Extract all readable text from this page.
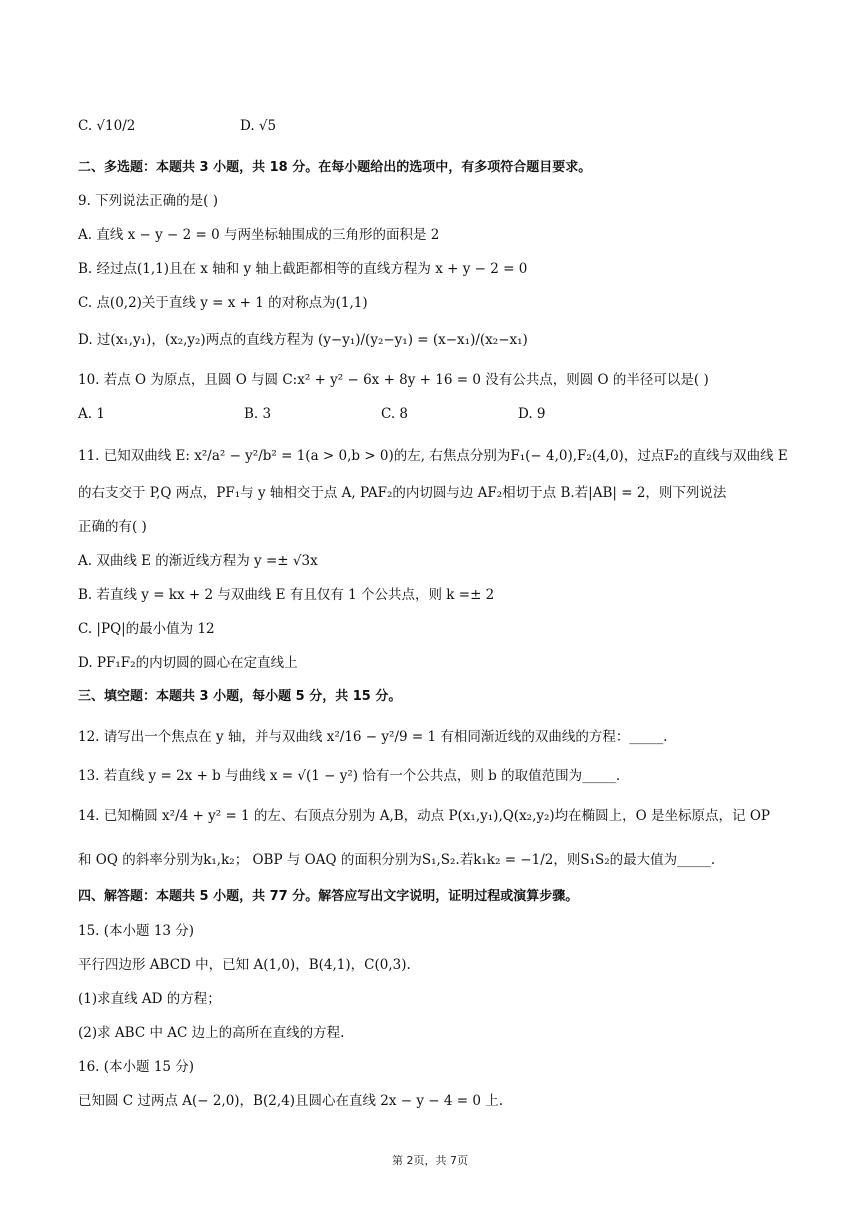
C. √10/2	D. √5
二、多选题：本题共 3 小题，共 18 分。在每小题给出的选项中，有多项符合题目要求。
9. 下列说法正确的是( )
A. 直线 x − y − 2 = 0 与两坐标轴围成的三角形的面积是 2
B. 经过点(1,1)且在 x 轴和 y 轴上截距都相等的直线方程为 x + y − 2 = 0
C. 点(0,2)关于直线 y = x + 1 的对称点为(1,1)
D. 过(x₁,y₁)，(x₂,y₂)两点的直线方程为 (y−y₁)/(y₂−y₁) = (x−x₁)/(x₂−x₁)
10. 若点 O 为原点，且圆 O 与圆 C:x² + y² − 6x + 8y + 16 = 0 没有公共点，则圆 O 的半径可以是( )
A. 1	B. 3	C. 8	D. 9
11. 已知双曲线 E: x²/a² − y²/b² = 1(a > 0,b > 0)的左, 右焦点分别为F₁(− 4,0),F₂(4,0)，过点F₂的直线与双曲线 E
的右支交于 P,Q 两点，PF₁与 y 轴相交于点 A, PAF₂的内切圆与边 AF₂相切于点 B.若|AB| = 2，则下列说法
正确的有( )
A. 双曲线 E 的渐近线方程为 y =± √3x
B. 若直线 y = kx + 2 与双曲线 E 有且仅有 1 个公共点，则 k =± 2
C. |PQ|的最小值为 12
D. PF₁F₂的内切圆的圆心在定直线上
三、填空题：本题共 3 小题，每小题 5 分，共 15 分。
12. 请写出一个焦点在 y 轴，并与双曲线 x²/16 − y²/9 = 1 有相同渐近线的双曲线的方程：_____.
13. 若直线 y = 2x + b 与曲线 x = √(1 − y²) 恰有一个公共点，则 b 的取值范围为_____.
14. 已知椭圆 x²/4 + y² = 1 的左、右顶点分别为 A,B，动点 P(x₁,y₁),Q(x₂,y₂)均在椭圆上，O 是坐标原点，记 OP
和 OQ 的斜率分别为k₁,k₂； OBP 与 OAQ 的面积分别为S₁,S₂.若k₁k₂ = −1/2，则S₁S₂的最大值为_____.
四、解答题：本题共 5 小题，共 77 分。解答应写出文字说明，证明过程或演算步骤。
15. (本小题 13 分)
平行四边形 ABCD 中，已知 A(1,0)，B(4,1)，C(0,3).
(1)求直线 AD 的方程；
(2)求 ABC 中 AC 边上的高所在直线的方程.
16. (本小题 15 分)
已知圆 C 过两点 A(− 2,0)，B(2,4)且圆心在直线 2x − y − 4 = 0 上.
第 2页，共 7页
